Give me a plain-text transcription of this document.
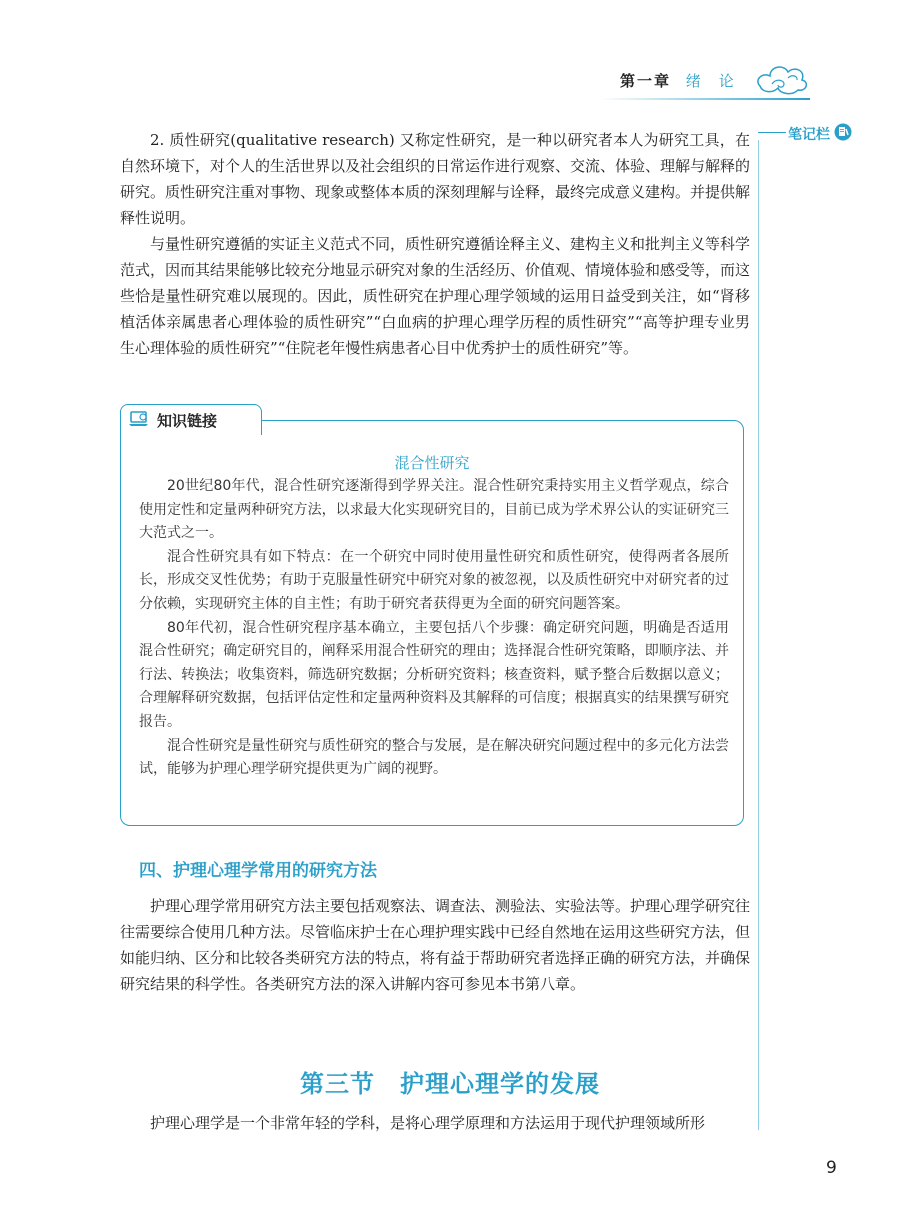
第一章 绪论
笔记栏

2. 质性研究(qualitative research) 又称定性研究，是一种以研究者本人为研究工具，在自然环境下，对个人的生活世界以及社会组织的日常运作进行观察、交流、体验、理解与解释的研究。质性研究注重对事物、现象或整体本质的深刻理解与诠释，最终完成意义建构。并提供解释性说明。

与量性研究遵循的实证主义范式不同，质性研究遵循诠释主义、建构主义和批判主义等科学范式，因而其结果能够比较充分地显示研究对象的生活经历、价值观、情境体验和感受等，而这些恰是量性研究难以展现的。因此，质性研究在护理心理学领域的运用日益受到关注，如“肾移植活体亲属患者心理体验的质性研究”“白血病的护理心理学历程的质性研究”“高等护理专业男生心理体验的质性研究”“住院老年慢性病患者心目中优秀护士的质性研究”等。

知识链接
混合性研究

20世纪80年代，混合性研究逐渐得到学界关注。混合性研究秉持实用主义哲学观点，综合使用定性和定量两种研究方法，以求最大化实现研究目的，目前已成为学术界公认的实证研究三大范式之一。

混合性研究具有如下特点：在一个研究中同时使用量性研究和质性研究，使得两者各展所长，形成交叉性优势；有助于克服量性研究中研究对象的被忽视，以及质性研究中对研究者的过分依赖，实现研究主体的自主性；有助于研究者获得更为全面的研究问题答案。

80年代初，混合性研究程序基本确立，主要包括八个步骤：确定研究问题，明确是否适用混合性研究；确定研究目的，阐释采用混合性研究的理由；选择混合性研究策略，即顺序法、并行法、转换法；收集资料，筛选研究数据；分析研究资料；核查资料，赋予整合后数据以意义；合理解释研究数据，包括评估定性和定量两种资料及其解释的可信度；根据真实的结果撰写研究报告。

混合性研究是量性研究与质性研究的整合与发展，是在解决研究问题过程中的多元化方法尝试，能够为护理心理学研究提供更为广阔的视野。

四、护理心理学常用的研究方法

护理心理学常用研究方法主要包括观察法、调查法、测验法、实验法等。护理心理学研究往往需要综合使用几种方法。尽管临床护士在心理护理实践中已经自然地在运用这些研究方法，但如能归纳、区分和比较各类研究方法的特点，将有益于帮助研究者选择正确的研究方法，并确保研究结果的科学性。各类研究方法的深入讲解内容可参见本书第八章。

第三节　护理心理学的发展

护理心理学是一个非常年轻的学科，是将心理学原理和方法运用于现代护理领域所形

9
